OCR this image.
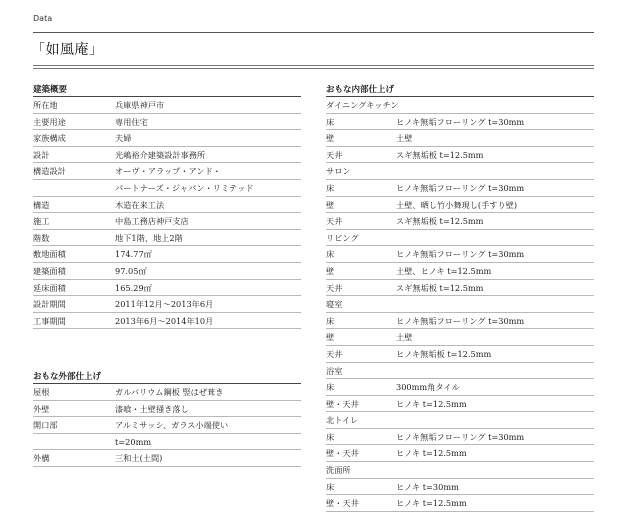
Data
「如風庵」
建築概要
所在地	兵庫県神戸市
主要用途	専用住宅
家族構成	夫婦
設計	光嶋裕介建築設計事務所
構造設計	オーヴ・アラップ・アンド・
パートナーズ・ジャパン・リミテッド
構造	木造在来工法
施工	中島工務店神戸支店
階数	地下1階、地上2階
敷地面積	174.77㎡
建築面積	97.05㎡
延床面積	165.29㎡
設計期間	2011年12月〜2013年6月
工事期間	2013年6月〜2014年10月
おもな外部仕上げ
屋根	ガルバリウム鋼板 竪はぜ葺き
外壁	漆喰・土壁掻き落し
開口部	アルミサッシ、ガラス小端使い
t=20mm
外構	三和土(土間)
おもな内部仕上げ
ダイニングキッチン
床	ヒノキ無垢フローリング t=30mm
壁	土壁
天井	スギ無垢板 t=12.5mm
サロン
床	ヒノキ無垢フローリング t=30mm
壁	土壁、晒し竹小舞現し(手すり壁)
天井	スギ無垢板 t=12.5mm
リビング
床	ヒノキ無垢フローリング t=30mm
壁	土壁、ヒノキ t=12.5mm
天井	スギ無垢板 t=12.5mm
寝室
床	ヒノキ無垢フローリング t=30mm
壁	土壁
天井	ヒノキ無垢板 t=12.5mm
浴室
床	300mm角タイル
壁・天井	ヒノキ t=12.5mm
北トイレ
床	ヒノキ無垢フローリング t=30mm
壁・天井	ヒノキ t=12.5mm
洗面所
床	ヒノキ t=30mm
壁・天井	ヒノキ t=12.5mm
